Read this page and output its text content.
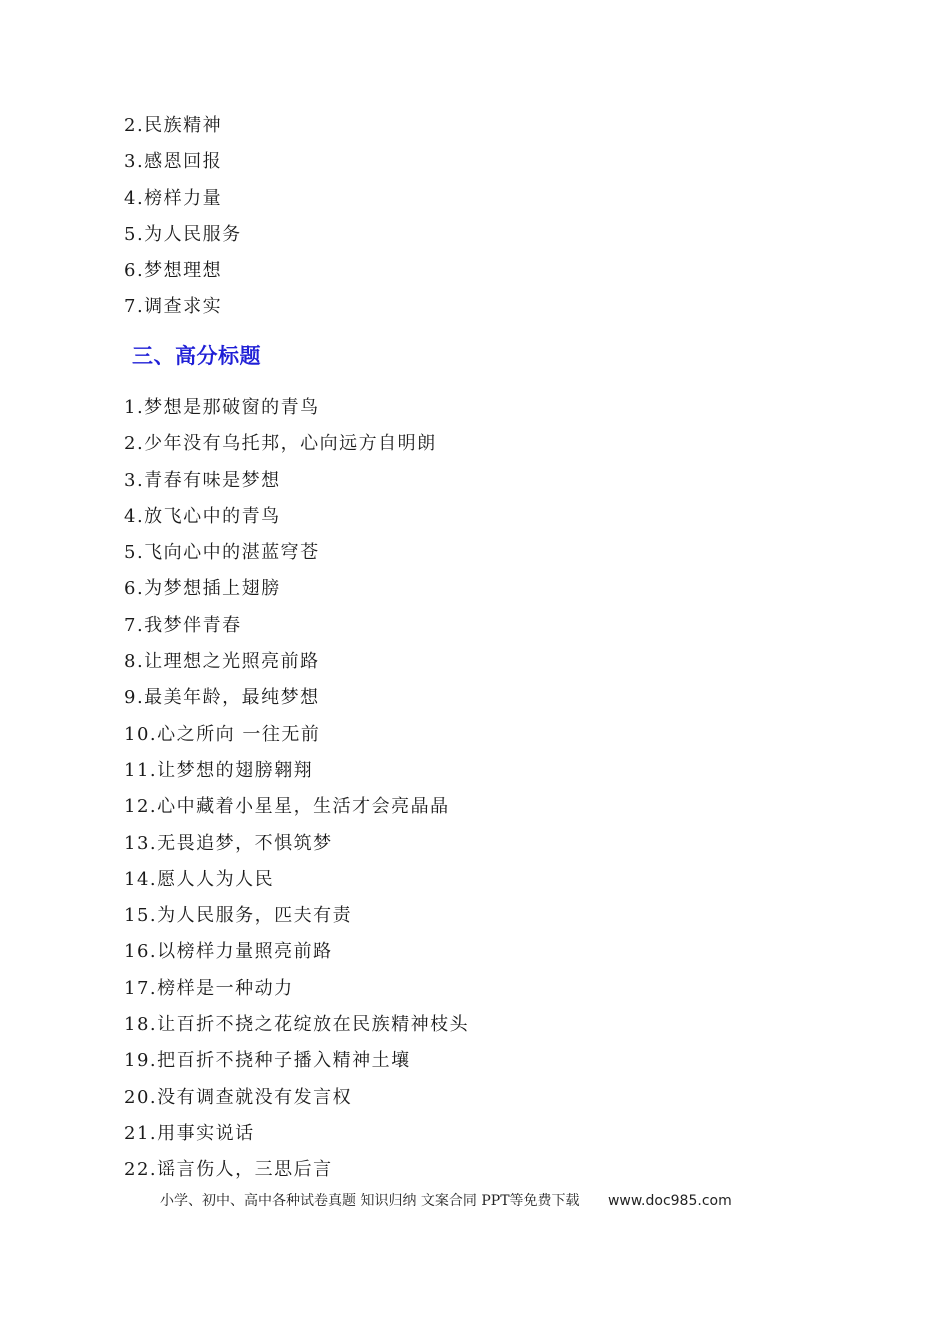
2.民族精神
3.感恩回报
4.榜样力量
5.为人民服务
6.梦想理想
7.调查求实
三、高分标题
1.梦想是那破窗的青鸟
2.少年没有乌托邦，心向远方自明朗
3.青春有味是梦想
4.放飞心中的青鸟
5.飞向心中的湛蓝穹苍
6.为梦想插上翅膀
7.我梦伴青春
8.让理想之光照亮前路
9.最美年龄，最纯梦想
10.心之所向 一往无前
11.让梦想的翅膀翱翔
12.心中藏着小星星，生活才会亮晶晶
13.无畏追梦，不惧筑梦
14.愿人人为人民
15.为人民服务，匹夫有责
16.以榜样力量照亮前路
17.榜样是一种动力
18.让百折不挠之花绽放在民族精神枝头
19.把百折不挠种子播入精神土壤
20.没有调查就没有发言权
21.用事实说话
22.谣言伤人，三思后言
小学、初中、高中各种试卷真题 知识归纳 文案合同 PPT等免费下载 www.doc985.com
